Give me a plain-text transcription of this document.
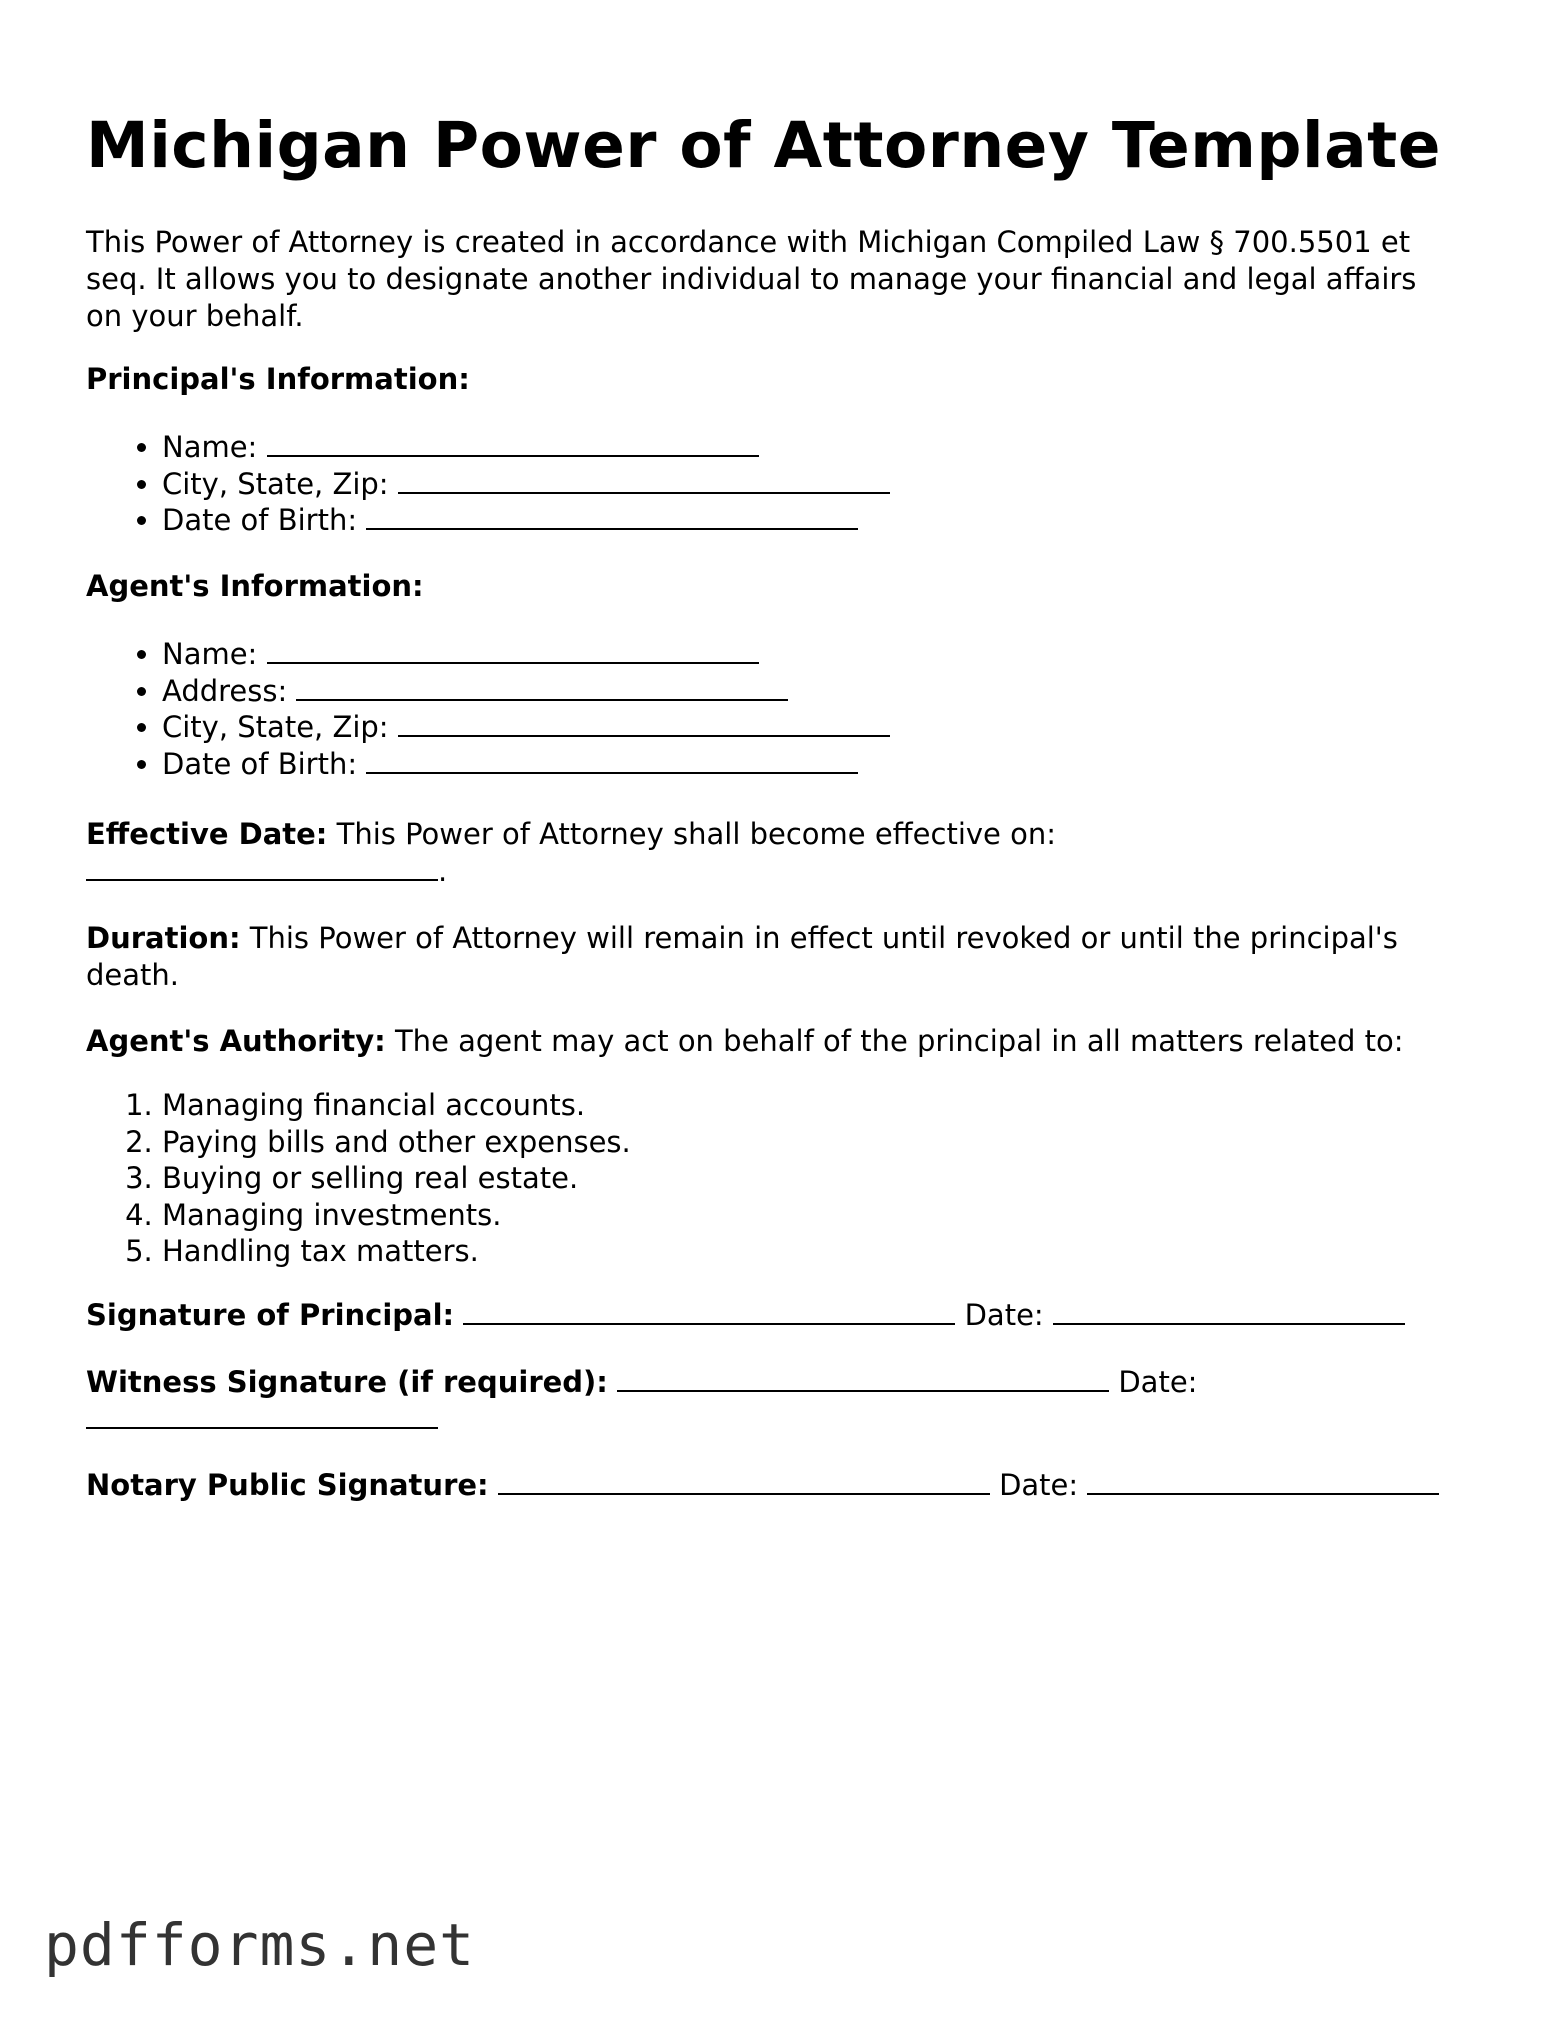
Michigan Power of Attorney Template

This Power of Attorney is created in accordance with Michigan Compiled Law § 700.5501 et seq. It allows you to designate another individual to manage your financial and legal affairs on your behalf.

Principal's Information:
• Name:
• City, State, Zip:
• Date of Birth:
Agent's Information:
• Name:
• Address:
• City, State, Zip:
• Date of Birth:
Effective Date: This Power of Attorney shall become effective on:
.
Duration: This Power of Attorney will remain in effect until revoked or until the principal's death.
Agent's Authority: The agent may act on behalf of the principal in all matters related to:
1. Managing financial accounts.
2. Paying bills and other expenses.
3. Buying or selling real estate.
4. Managing investments.
5. Handling tax matters.
Signature of Principal:	Date:
Witness Signature (if required):	Date:

Notary Public Signature:	Date:
pdfforms.net
